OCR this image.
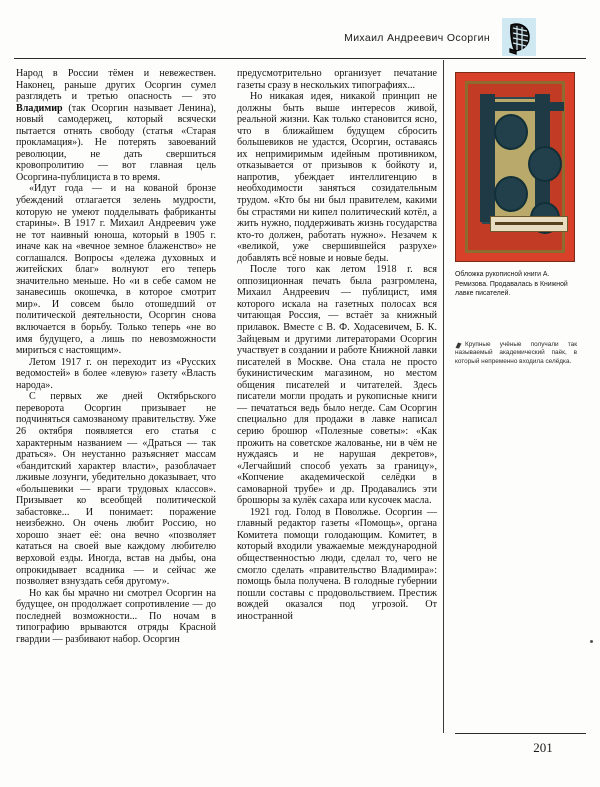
Михаил Андреевич Осоргин

Народ в России тёмен и невежествен. Наконец, раньше других Осоргин сумел разглядеть и третью опасность — это Владимир (так Осоргин называет Ленина), новый самодержец, который всячески пытается отнять свободу (статья «Старая прокламация»). Не потерять завоеваний революции, не дать свершиться кровопролитию — вот главная цель Осоргина-публициста в то время.

«Идут года — и на кованой бронзе убеждений отлагается зелень мудрости, которую не умеют подделывать фабриканты старины». В 1917 г. Михаил Андреевич уже не тот наивный юноша, который в 1905 г. иначе как на «вечное земное блаженство» не соглашался. Вопросы «дележа духовных и житейских благ» волнуют его теперь значительно меньше. Но «и в себе самом не занавесишь окошечка, в которое смотрит мир». И совсем было отошедший от политической деятельности, Осоргин снова включается в борьбу. Только теперь «не во имя будущего, а лишь по невозможности мириться с настоящим».

Летом 1917 г. он переходит из «Русских ведомостей» в более «левую» газету «Власть народа».

С первых же дней Октябрьского переворота Осоргин призывает не подчиняться самозваному правительству. Уже 26 октября появляется его статья с характерным названием — «Драться — так драться». Он неустанно разъясняет массам «бандитский характер власти», разоблачает лживые лозунги, убедительно доказывает, что «большевики — враги трудовых классов». Призывает ко всеобщей политической забастовке... И понимает: поражение неизбежно. Он очень любит Россию, но хорошо знает её: она вечно «позволяет кататься на своей вые каждому любителю верховой езды. Иногда, встав на дыбы, она опрокидывает всадника — и сейчас же позволяет взнуздать себя другому».

Но как бы мрачно ни смотрел Осоргин на будущее, он продолжает сопротивление — до последней возможности... По ночам в типографию врываются отряды Красной гвардии — разбивают набор. Осоргин

предусмотрительно организует печатание газеты сразу в нескольких типографиях...

Но никакая идея, никакой принцип не должны быть выше интересов живой, реальной жизни. Как только становится ясно, что в ближайшем будущем сбросить большевиков не удастся, Осоргин, оставаясь их непримиримым идейным противником, отказывается от призывов к бойкоту и, напротив, убеждает интеллигенцию в необходимости заняться созидательным трудом. «Кто бы ни был правителем, какими бы страстями ни кипел политический котёл, а жить нужно, поддерживать жизнь государства кто-то должен, работать нужно». Незачем к «великой, уже свершившейся разрухе» добавлять всё новые и новые беды.

После того как летом 1918 г. вся оппозиционная печать была разгромлена, Михаил Андреевич — публицист, имя которого искала на газетных полосах вся читающая Россия, — встаёт за книжный прилавок. Вместе с В. Ф. Ходасевичем, Б. К. Зайцевым и другими литераторами Осоргин участвует в создании и работе Книжной лавки писателей в Москве. Она стала не просто букинистическим магазином, но местом общения писателей и читателей. Здесь писатели могли продать и рукописные книги — печататься ведь было негде. Сам Осоргин специально для продажи в лавке написал серию брошюр «Полезные советы»: «Как прожить на советское жалованье, ни в чём не нуждаясь и не нарушая декретов», «Легчайший способ уехать за границу», «Копчение академической селёдки в самоварной трубе» и др. Продавались эти брошюры за кулёк сахара или кусочек масла.

1921 год. Голод в Поволжье. Осоргин — главный редактор газеты «Помощь», органа Комитета помощи голодающим. Комитет, в который входили уважаемые международной общественностью люди, сделал то, чего не смогло сделать «правительство Владимира»: помощь была получена. В голодные губернии пошли составы с продовольствием. Престиж вождей оказался под угрозой. От иностранной

Обложка рукописной книги А. Ремизова. Продавалась в Книжной лавке писателей.
Крупные учёные получали так называемый академический паёк, в который непременно входила селёдка.
201
